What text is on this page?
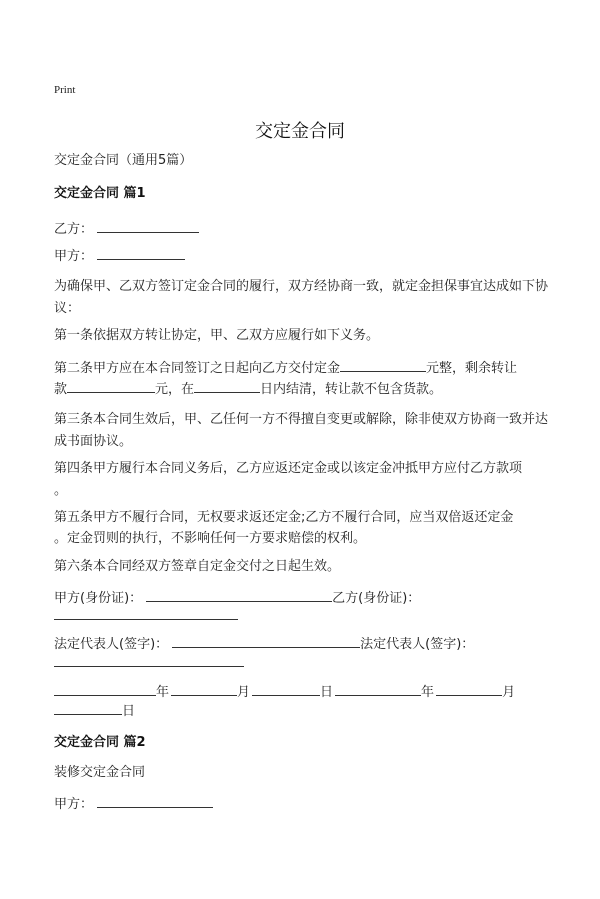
Print
交定金合同
交定金合同（通用5篇）
交定金合同 篇1
乙方：
甲方：
为确保甲、乙双方签订定金合同的履行，双方经协商一致，就定金担保事宜达成如下协议：
第一条依据双方转让协定，甲、乙双方应履行如下义务。
第二条甲方应在本合同签订之日起向乙方交付定金	元整，剩余转让
款	元，在	日内结清，转让款不包含货款。
第三条本合同生效后，甲、乙任何一方不得擅自变更或解除，除非使双方协商一致并达成书面协议。
第四条甲方履行本合同义务后，乙方应返还定金或以该定金冲抵甲方应付乙方款项
。
第五条甲方不履行合同，无权要求返还定金;乙方不履行合同，应当双倍返还定金
。定金罚则的执行，不影响任何一方要求赔偿的权利。
第六条本合同经双方签章自定金交付之日起生效。
甲方(身份证)：	乙方(身份证)：
法定代表人(签字)：	法定代表人(签字)：
年	月	日	年	月
日
交定金合同 篇2
装修交定金合同
甲方：
